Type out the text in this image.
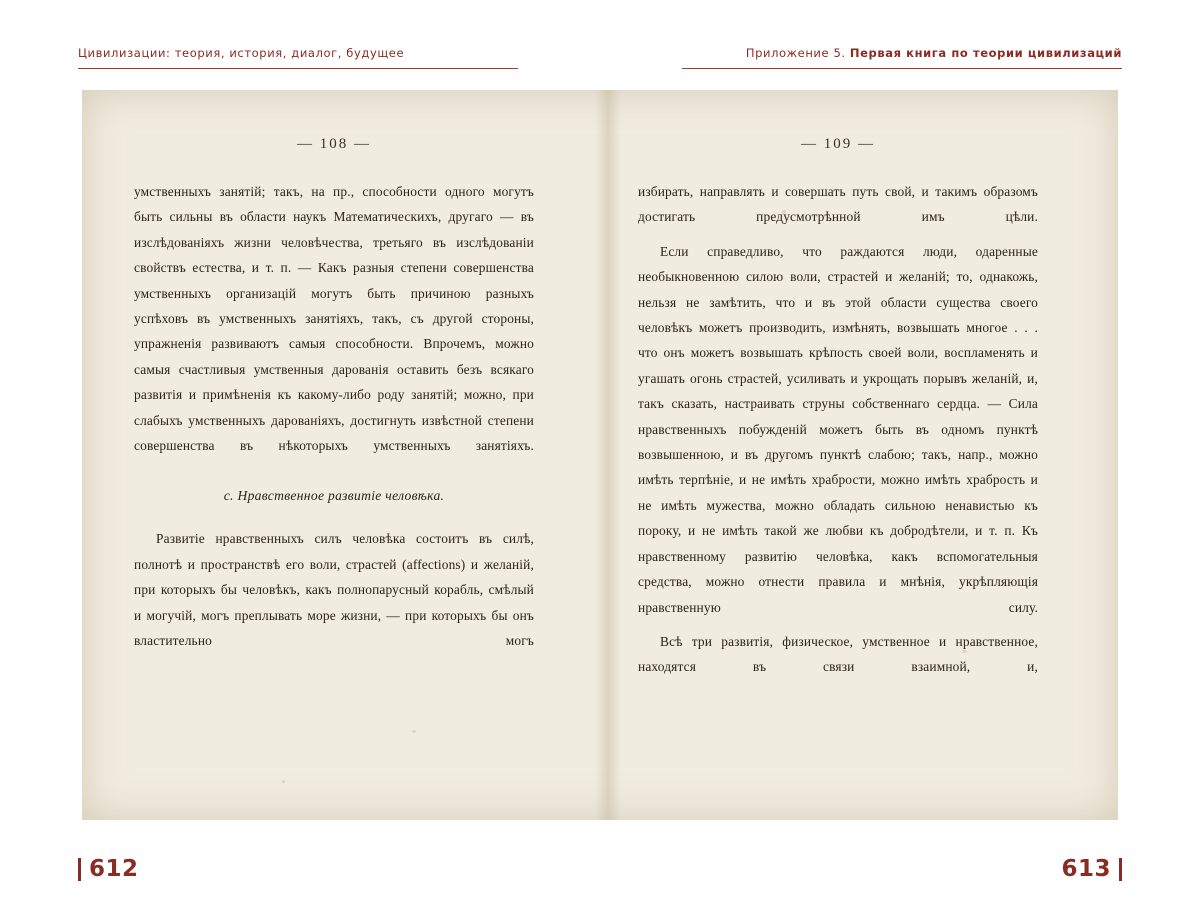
Цивилизации: теория, история, диалог, будущее	Приложение 5. Первая книга по теории цивилизаций
— 108 —

умственныхъ занятій; такъ, на пр., способности одного могутъ быть сильны въ области наукъ Математическихъ, другаго — въ изслѣдованіяхъ жизни человѣчества, третьяго въ изслѣдованіи свойствъ естества, и т. п. — Какъ разныя степени совершенства умственныхъ организацій могутъ быть причиною разныхъ успѣховъ въ умственныхъ занятіяхъ, такъ, съ другой стороны, упражненія развиваютъ самыя способности. Впрочемъ, можно самыя счастливыя умственныя дарованія оставить безъ всякаго развитія и примѣненія къ какому-либо роду занятій; можно, при слабыхъ умственныхъ дарованіяхъ, достигнуть извѣстной степени совершенства въ нѣкоторыхъ умственныхъ занятіяхъ.

с. Нравственное развитіе человѣка.

Развитіе нравственныхъ силъ человѣка состоитъ въ силѣ, полнотѣ и пространствѣ его воли, страстей (affections) и желаній, при которыхъ бы человѣкъ, какъ полнопарусный корабль, смѣлый и могучій, могъ преплывать море жизни, — при которыхъ бы онъ властительно могъ

— 109 —

избирать, направлять и совершать путь свой, и такимъ образомъ достигать предусмотрѣнной имъ цѣли.

Если справедливо, что раждаются люди, одаренные необыкновенною силою воли, страстей и желаній; то, однакожь, нельзя не замѣтить, что и въ этой области существа своего человѣкъ можетъ производить, измѣнять, возвышать многое . . . что онъ можетъ возвышать крѣпость своей воли, воспламенять и угашать огонь страстей, усиливать и укрощать порывъ желаній, и, такъ сказать, настраивать струны собственнаго сердца. — Сила нравственныхъ побужденій можетъ быть въ одномъ пунктѣ возвышенною, и въ другомъ пунктѣ слабою; такъ, напр., можно имѣть терпѣніе, и не имѣть храбрости, можно имѣть храбрость и не имѣть мужества, можно обладать сильною ненавистью къ пороку, и не имѣть такой же любви къ добродѣтели, и т. п. Къ нравственному развитію человѣка, какъ вспомогательныя средства, можно отнести правила и мнѣнія, укрѣпляющія нравственную силу.

Всѣ три развитія, физическое, умственное и нравственное, находятся въ связи взаимной, и,

612	613
